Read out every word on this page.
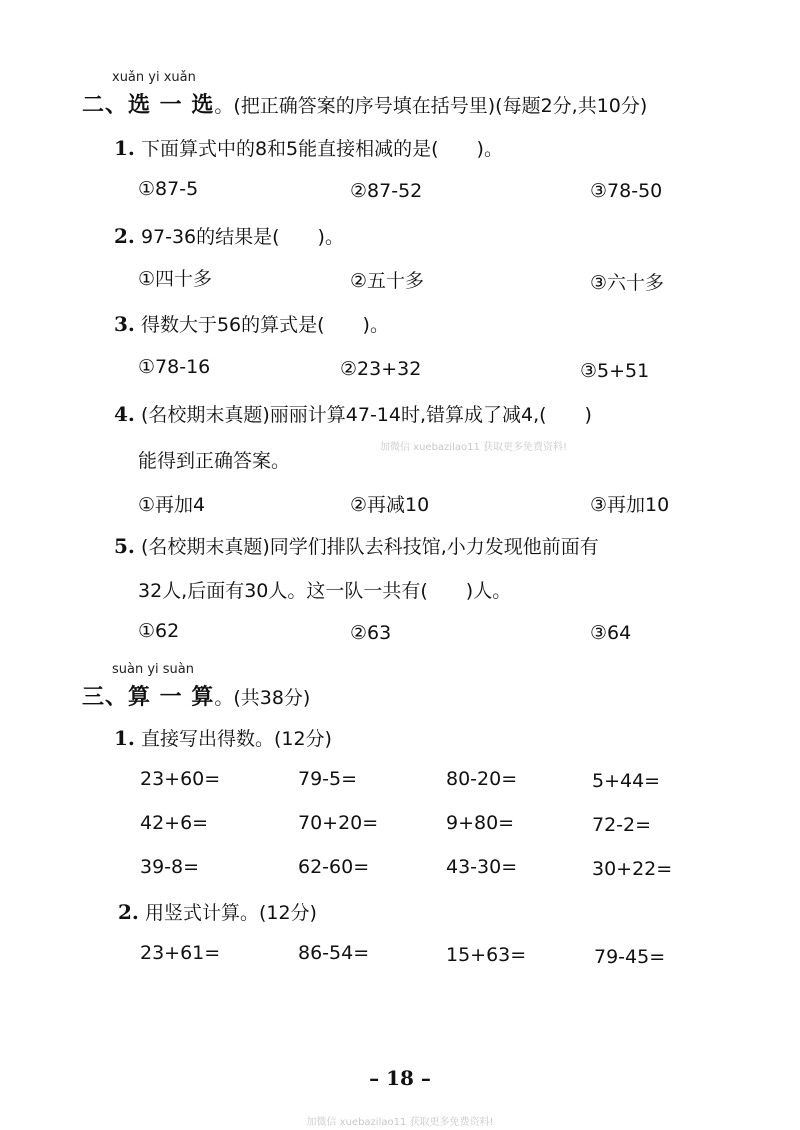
xuǎn yi xuǎn
二、选 一 选。(把正确答案的序号填在括号里)(每题2分,共10分)
1. 下面算式中的8和5能直接相减的是(　　)。
①87-5	②87-52	③78-50
2. 97-36的结果是(　　)。
①四十多	②五十多	③六十多
3. 得数大于56的算式是(　　)。
①78-16	②23+32	③5+51
4. (名校期末真题)丽丽计算47-14时,错算成了减4,(　　)
加微信 xuebazilao11 获取更多免费资料!
能得到正确答案。
①再加4	②再减10	③再加10
5. (名校期末真题)同学们排队去科技馆,小力发现他前面有
32人,后面有30人。这一队一共有(　　)人。
①62	②63	③64
suàn yi suàn
三、算 一 算。(共38分)
1. 直接写出得数。(12分)
23+60=	79-5=	80-20=	5+44=
42+6=	70+20=	9+80=	72-2=
39-8=	62-60=	43-30=	30+22=
2. 用竖式计算。(12分)
23+61=	86-54=	15+63=	79-45=
– 18 –
加微信 xuebazilao11 获取更多免费资料!
